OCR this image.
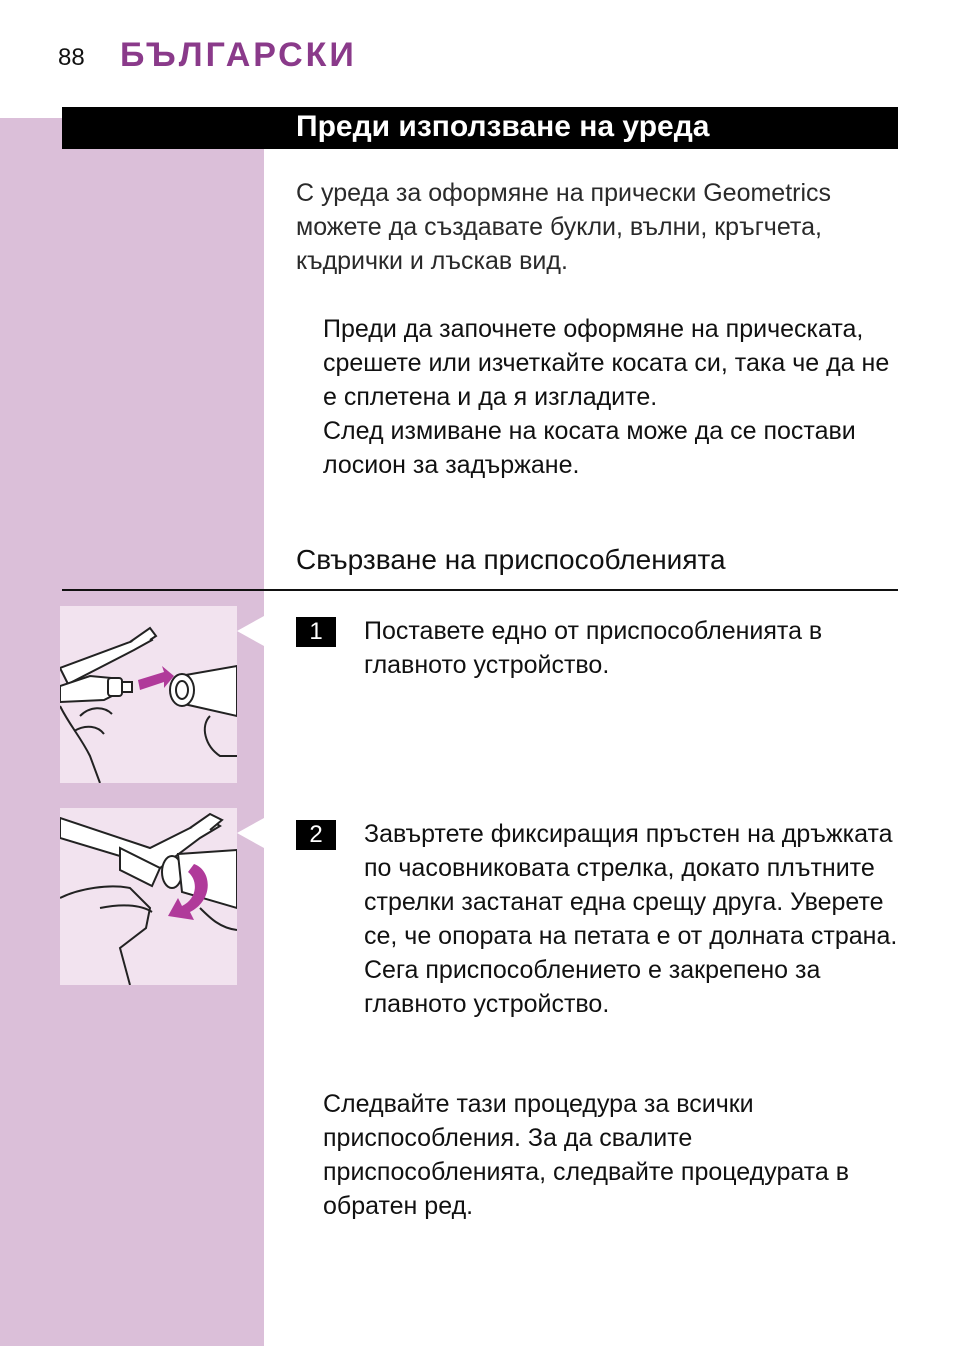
88 БЪЛГАРСКИ
Преди използване на уреда
С уреда за оформяне на прически Geometrics можете да създавате букли, вълни, кръгчета, къдрички и лъскав вид.

Преди да започнете оформяне на прическата, срешете или изчеткайте косата си, така че да не е сплетена и да я изгладите.

След измиване на косата може да се постави лосион за задържане.

Свързване на приспособленията
1	Поставете едно от приспособленията в главното устройство.
2	Завъртете фиксиращия пръстен на дръжката по часовниковата стрелка, докато плътните стрелки застанат една срещу друга. Уверете се, че опората на петата е от долната страна. Сега приспособлението е закрепено за главното устройство.
Следвайте тази процедура за всички приспособления. За да свалите приспособленията, следвайте процедурата в обратен ред.
